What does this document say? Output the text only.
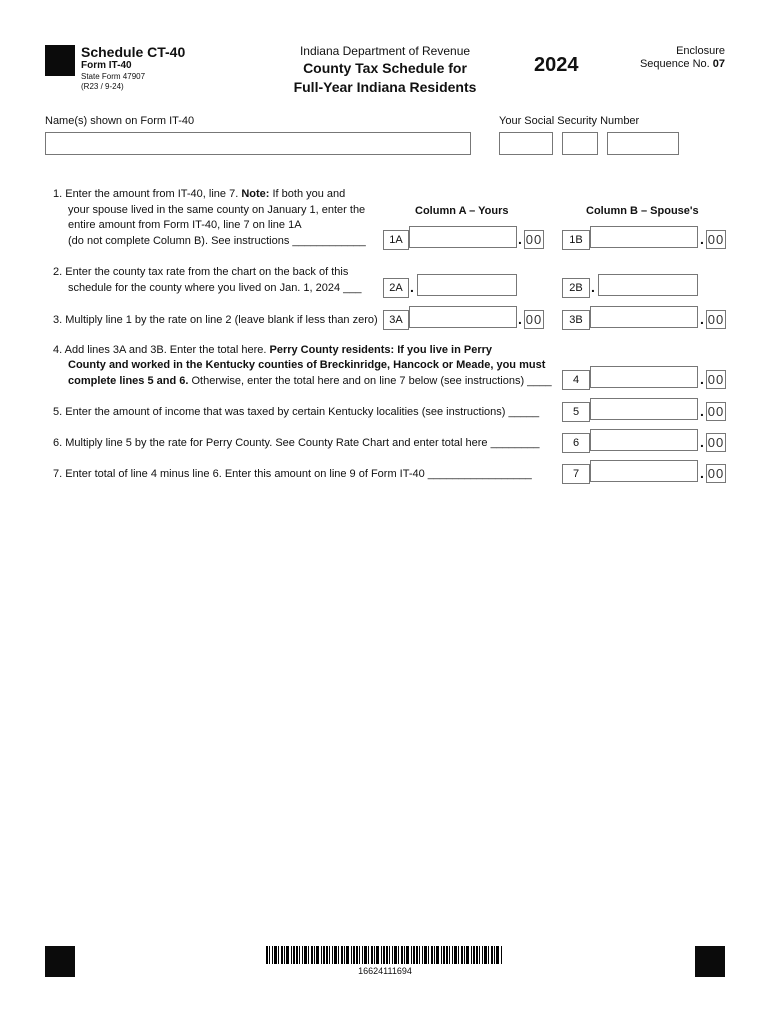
Schedule CT-40
Form IT-40
State Form 47907
(R23 / 9-24)
Indiana Department of Revenue
County Tax Schedule for
Full-Year Indiana Residents
2024
Enclosure
Sequence No. 07
Name(s) shown on Form IT-40	Your Social Security Number
1. Enter the amount from IT-40, line 7. Note: If both you and
your spouse lived in the same county on January 1, enter the
entire amount from Form IT-40, line 7 on line 1A
(do not complete Column B). See instructions ____________
Column A – Yours	Column B – Spouse's
1A	. 00	1B	. 00
2. Enter the county tax rate from the chart on the back of this
schedule for the county where you lived on Jan. 1, 2024 ___	2A .	2B .
3. Multiply line 1 by the rate on line 2 (leave blank if less than zero)	3A	. 00	3B	. 00
4. Add lines 3A and 3B. Enter the total here. Perry County residents: If you live in Perry
County and worked in the Kentucky counties of Breckinridge, Hancock or Meade, you must
complete lines 5 and 6. Otherwise, enter the total here and on line 7 below (see instructions) ____	4	. 00
5. Enter the amount of income that was taxed by certain Kentucky localities (see instructions) _____	5	. 00
6. Multiply line 5 by the rate for Perry County. See County Rate Chart and enter total here ________	6	. 00
7. Enter total of line 4 minus line 6. Enter this amount on line 9 of Form IT-40 _________________	7	. 00
16624111694
